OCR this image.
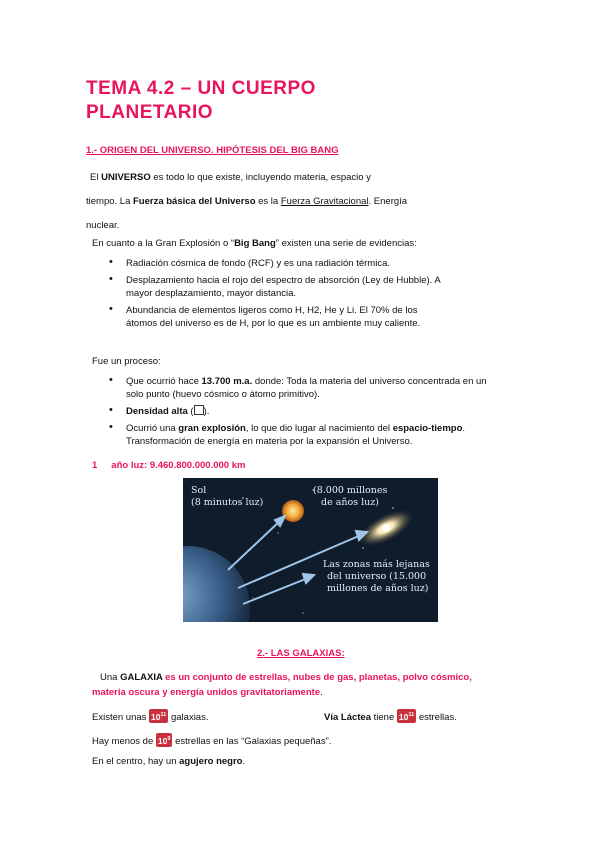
TEMA 4.2 – UN CUERPO
PLANETARIO
1.- ORIGEN DEL UNIVERSO. HIPÓTESIS DEL BIG BANG
El UNIVERSO es todo lo que existe, incluyendo materia, espacio y
tiempo. La Fuerza básica del Universo es la Fuerza Gravitacional. Energía
nuclear.
En cuanto a la Gran Explosión o “Big Bang” existen una serie de evidencias:
• Radiación cósmica de fondo (RCF) y es una radiación térmica.
• Desplazamiento hacia el rojo del espectro de absorción (Ley de Hubble). A mayor desplazamiento, mayor distancia.
• Abundancia de elementos ligeros como H, H2, He y Li. El 70% de los átomos del universo es de H, por lo que es un ambiente muy caliente.
Fue un proceso:
• Que ocurrió hace 13.700 m.a. donde: Toda la materia del universo concentrada en un solo punto (huevo cósmico o átomo primitivo).
• Densidad alta ( ).
• Ocurrió una gran explosión, lo que dio lugar al nacimiento del espacio-tiempo. Transformación de energía en materia por la expansión el Universo.
1 año luz: 9.460.800.000.000 km
Sol
(8 minutos luz)
(8.000 millones
de años luz)
Las zonas más lejanas
del universo (15.000
millones de años luz)
2.- LAS GALAXIAS:
Una GALAXIA es un conjunto de estrellas, nubes de gas, planetas, polvo cósmico,
materia oscura y energía unidos gravitatoriamente.
Existen unas $10^{11}$ galaxias.	Vía Láctea tiene $10^{11}$ estrellas.
Hay menos de $10^9$ estrellas en las “Galaxias pequeñas”.
En el centro, hay un agujero negro.
